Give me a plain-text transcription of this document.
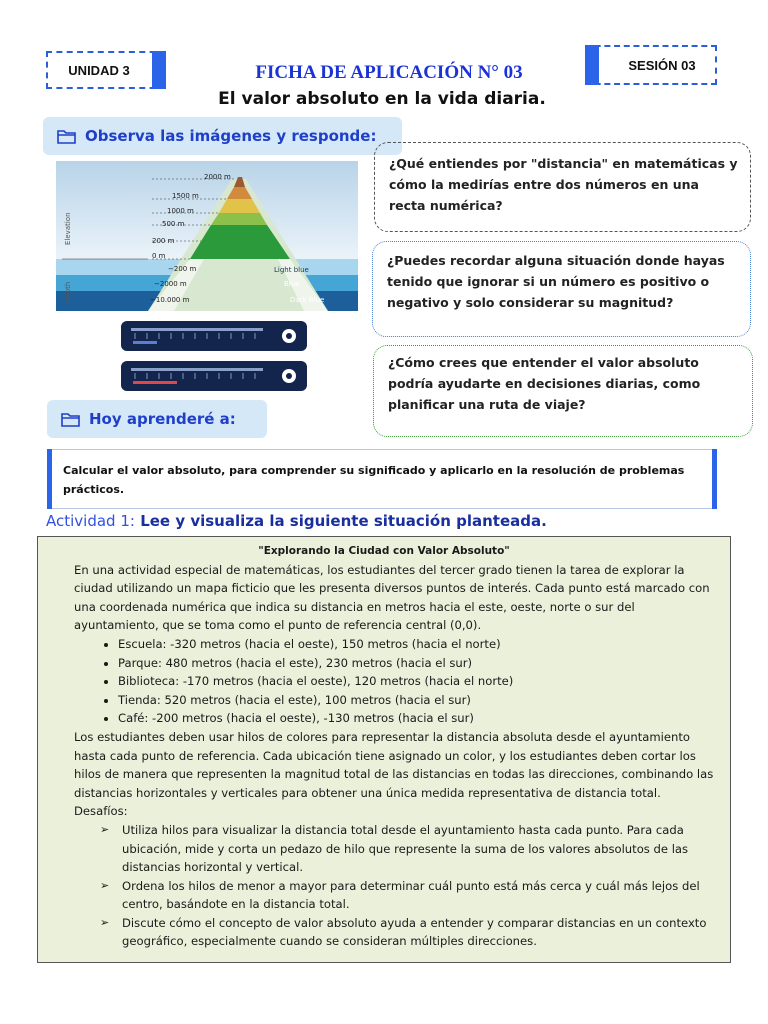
UNIDAD 3	SESIÓN 03
FICHA DE APLICACIÓN N° 03
El valor absoluto en la vida diaria.
Observa las imágenes y responde:
2000 m
1500 m
1000 m
500 m
200 m
0 m
−200 m
−2000 m
−10.000 m
Light blue
Blue
Dark Blue
Elevation
Depth
Hoy aprenderé a:
¿Qué entiendes por "distancia" en matemáticas y cómo la medirías entre dos números en una recta numérica?
¿Puedes recordar alguna situación donde hayas tenido que ignorar si un número es positivo o negativo y solo considerar su magnitud?
¿Cómo crees que entender el valor absoluto podría ayudarte en decisiones diarias, como planificar una ruta de viaje?
Calcular el valor absoluto, para comprender su significado y aplicarlo en la resolución de problemas prácticos.
Actividad 1: Lee y visualiza la siguiente situación planteada.
"Explorando la Ciudad con Valor Absoluto"

En una actividad especial de matemáticas, los estudiantes del tercer grado tienen la tarea de explorar la ciudad utilizando un mapa ficticio que les presenta diversos puntos de interés. Cada punto está marcado con una coordenada numérica que indica su distancia en metros hacia el este, oeste, norte o sur del ayuntamiento, que se toma como el punto de referencia central (0,0).

• Escuela: -320 metros (hacia el oeste), 150 metros (hacia el norte)
• Parque: 480 metros (hacia el este), 230 metros (hacia el sur)
• Biblioteca: -170 metros (hacia el oeste), 120 metros (hacia el norte)
• Tienda: 520 metros (hacia el este), 100 metros (hacia el sur)
• Café: -200 metros (hacia el oeste), -130 metros (hacia el sur)

Los estudiantes deben usar hilos de colores para representar la distancia absoluta desde el ayuntamiento hasta cada punto de referencia. Cada ubicación tiene asignado un color, y los estudiantes deben cortar los hilos de manera que representen la magnitud total de las distancias en todas las direcciones, combinando las distancias horizontales y verticales para obtener una única medida representativa de distancia total.

Desafíos:

➢ Utiliza hilos para visualizar la distancia total desde el ayuntamiento hasta cada punto. Para cada ubicación, mide y corta un pedazo de hilo que represente la suma de los valores absolutos de las distancias horizontal y vertical.
➢ Ordena los hilos de menor a mayor para determinar cuál punto está más cerca y cuál más lejos del centro, basándote en la distancia total.
➢ Discute cómo el concepto de valor absoluto ayuda a entender y comparar distancias en un contexto geográfico, especialmente cuando se consideran múltiples direcciones.
